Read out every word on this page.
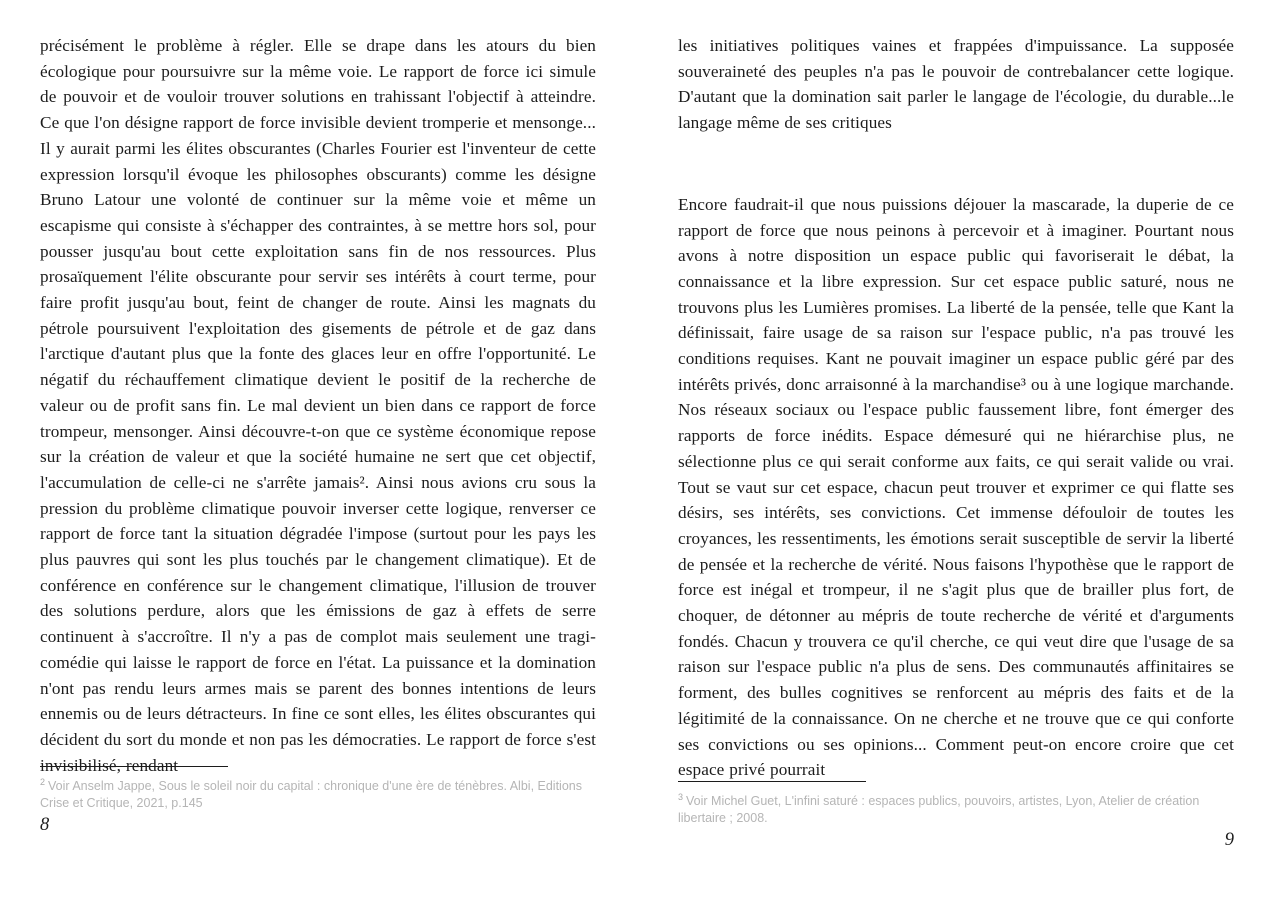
précisément le problème à régler. Elle se drape dans les atours du bien écologique pour poursuivre sur la même voie. Le rapport de force ici simule de pouvoir et de vouloir trouver solutions en trahissant l'objectif à atteindre. Ce que l'on désigne rapport de force invisible devient tromperie et mensonge... Il y aurait parmi les élites obscurantes (Charles Fourier est l'inventeur de cette expression lorsqu'il évoque les philosophes obscurants) comme les désigne Bruno Latour une volonté de continuer sur la même voie et même un escapisme qui consiste à s'échapper des contraintes, à se mettre hors sol, pour pousser jusqu'au bout cette exploitation sans fin de nos ressources. Plus prosaïquement l'élite obscurante pour servir ses intérêts à court terme, pour faire profit jusqu'au bout, feint de changer de route. Ainsi les magnats du pétrole poursuivent l'exploitation des gisements de pétrole et de gaz dans l'arctique d'autant plus que la fonte des glaces leur en offre l'opportunité. Le négatif du réchauffement climatique devient le positif de la recherche de valeur ou de profit sans fin. Le mal devient un bien dans ce rapport de force trompeur, mensonger. Ainsi découvre-t-on que ce système économique repose sur la création de valeur et que la société humaine ne sert que cet objectif, l'accumulation de celle-ci ne s'arrête jamais². Ainsi nous avions cru sous la pression du problème climatique pouvoir inverser cette logique, renverser ce rapport de force tant la situation dégradée l'impose (surtout pour les pays les plus pauvres qui sont les plus touchés par le changement climatique). Et de conférence en conférence sur le changement climatique, l'illusion de trouver des solutions perdure, alors que les émissions de gaz à effets de serre continuent à s'accroître. Il n'y a pas de complot mais seulement une tragi-comédie qui laisse le rapport de force en l'état. La puissance et la domination n'ont pas rendu leurs armes mais se parent des bonnes intentions de leurs ennemis ou de leurs détracteurs. In fine ce sont elles, les élites obscurantes qui décident du sort du monde et non pas les démocraties. Le rapport de force s'est invisibilisé, rendant

$^2$ Voir Anselm Jappe, Sous le soleil noir du capital : chronique d'une ère de ténèbres. Albi, Editions Crise et Critique, 2021, p.145

8

les initiatives politiques vaines et frappées d'impuissance. La supposée souveraineté des peuples n'a pas le pouvoir de contrebalancer cette logique. D'autant que la domination sait parler le langage de l'écologie, du durable...le langage même de ses critiques

Encore faudrait-il que nous puissions déjouer la mascarade, la duperie de ce rapport de force que nous peinons à percevoir et à imaginer. Pourtant nous avons à notre disposition un espace public qui favoriserait le débat, la connaissance et la libre expression. Sur cet espace public saturé, nous ne trouvons plus les Lumières promises. La liberté de la pensée, telle que Kant la définissait, faire usage de sa raison sur l'espace public, n'a pas trouvé les conditions requises. Kant ne pouvait imaginer un espace public géré par des intérêts privés, donc arraisonné à la marchandise³ ou à une logique marchande. Nos réseaux sociaux ou l'espace public faussement libre, font émerger des rapports de force inédits. Espace démesuré qui ne hiérarchise plus, ne sélectionne plus ce qui serait conforme aux faits, ce qui serait valide ou vrai. Tout se vaut sur cet espace, chacun peut trouver et exprimer ce qui flatte ses désirs, ses intérêts, ses convictions. Cet immense défouloir de toutes les croyances, les ressentiments, les émotions serait susceptible de servir la liberté de pensée et la recherche de vérité. Nous faisons l'hypothèse que le rapport de force est inégal et trompeur, il ne s'agit plus que de brailler plus fort, de choquer, de détonner au mépris de toute recherche de vérité et d'arguments fondés. Chacun y trouvera ce qu'il cherche, ce qui veut dire que l'usage de sa raison sur l'espace public n'a plus de sens. Des communautés affinitaires se forment, des bulles cognitives se renforcent au mépris des faits et de la légitimité de la connaissance. On ne cherche et ne trouve que ce qui conforte ses convictions ou ses opinions... Comment peut-on encore croire que cet espace privé pourrait

$^3$ Voir Michel Guet, L'infini saturé : espaces publics, pouvoirs, artistes, Lyon, Atelier de création libertaire ; 2008.

9
